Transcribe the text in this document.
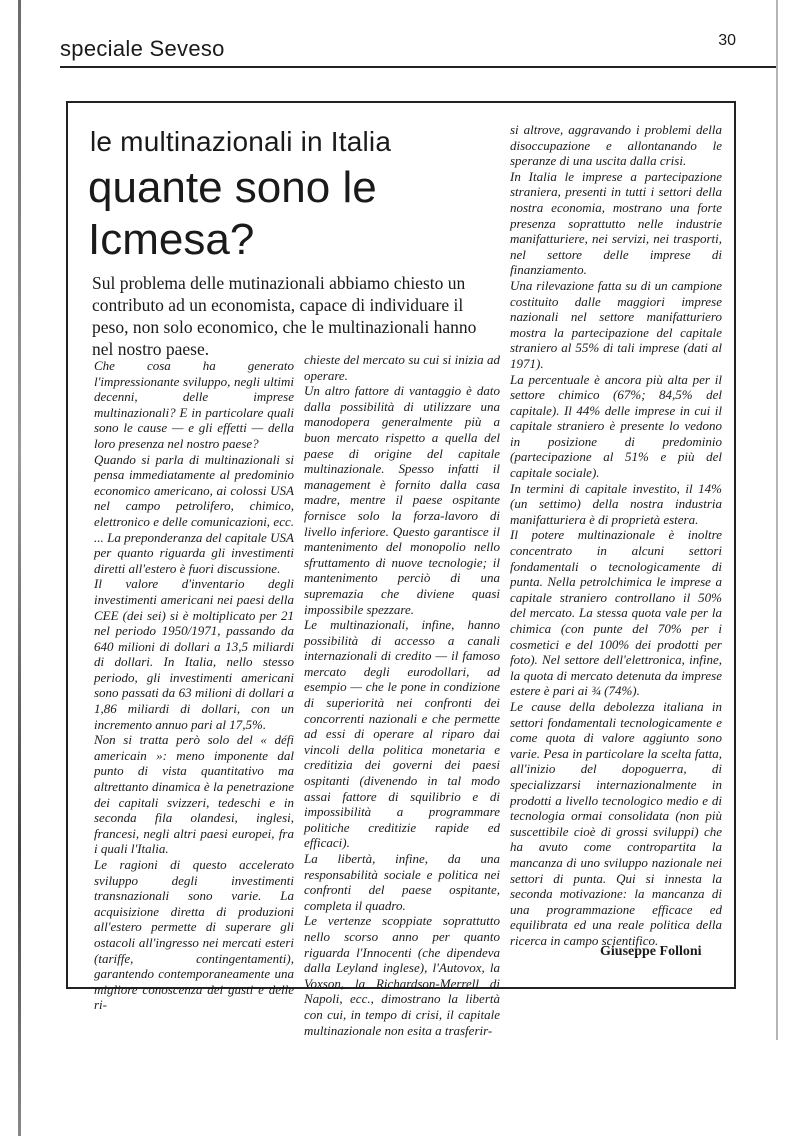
speciale Seveso	30
le multinazionali in Italia
quante sono le Icmesa?
Sul problema delle mutinazionali abbiamo chiesto un contributo ad un economista, capace di individuare il peso, non solo economico, che le multinazionali hanno nel nostro paese.

Che cosa ha generato l'impressionante sviluppo, negli ultimi decenni, delle imprese multinazionali? E in particolare quali sono le cause — e gli effetti — della loro presenza nel nostro paese?

Quando si parla di multinazionali si pensa immediatamente al predominio economico americano, ai colossi USA nel campo petrolifero, chimico, elettronico e delle comunicazioni, ecc. ... La preponderanza del capitale USA per quanto riguarda gli investimenti diretti all'estero è fuori discussione.

Il valore d'inventario degli investimenti americani nei paesi della CEE (dei sei) si è moltiplicato per 21 nel periodo 1950/1971, passando da 640 milioni di dollari a 13,5 miliardi di dollari. In Italia, nello stesso periodo, gli investimenti americani sono passati da 63 milioni di dollari a 1,86 miliardi di dollari, con un incremento annuo pari al 17,5%.

Non si tratta però solo del « défi americain »: meno imponente dal punto di vista quantitativo ma altrettanto dinamica è la penetrazione dei capitali svizzeri, tedeschi e in seconda fila olandesi, inglesi, francesi, negli altri paesi europei, fra i quali l'Italia.

Le ragioni di questo accelerato sviluppo degli investimenti transnazionali sono varie. La acquisizione diretta di produzioni all'estero permette di superare gli ostacoli all'ingresso nei mercati esteri (tariffe, contingentamenti), garantendo contemporaneamente una migliore conoscenza dei gusti e delle ri-

chieste del mercato su cui si inizia ad operare.

Un altro fattore di vantaggio è dato dalla possibilità di utilizzare una manodopera generalmente più a buon mercato rispetto a quella del paese di origine del capitale multinazionale. Spesso infatti il management è fornito dalla casa madre, mentre il paese ospitante fornisce solo la forza-lavoro di livello inferiore. Questo garantisce il mantenimento del monopolio nello sfruttamento di nuove tecnologie; il mantenimento perciò di una supremazia che diviene quasi impossibile spezzare.

Le multinazionali, infine, hanno possibilità di accesso a canali internazionali di credito — il famoso mercato degli eurodollari, ad esempio — che le pone in condizione di superiorità nei confronti dei concorrenti nazionali e che permette ad essi di operare al riparo dai vincoli della politica monetaria e creditizia dei governi dei paesi ospitanti (divenendo in tal modo assai fattore di squilibrio e di impossibilità a programmare politiche creditizie rapide ed efficaci).

La libertà, infine, da una responsabilità sociale e politica nei confronti del paese ospitante, completa il quadro.

Le vertenze scoppiate soprattutto nello scorso anno per quanto riguarda l'Innocenti (che dipendeva dalla Leyland inglese), l'Autovox, la Voxson, la Richardson-Merrell di Napoli, ecc., dimostrano la libertà con cui, in tempo di crisi, il capitale multinazionale non esita a trasferir-

si altrove, aggravando i problemi della disoccupazione e allontanando le speranze di una uscita dalla crisi.

In Italia le imprese a partecipazione straniera, presenti in tutti i settori della nostra economia, mostrano una forte presenza soprattutto nelle industrie manifatturiere, nei servizi, nei trasporti, nel settore delle imprese di finanziamento.

Una rilevazione fatta su di un campione costituito dalle maggiori imprese nazionali nel settore manifatturiero mostra la partecipazione del capitale straniero al 55% di tali imprese (dati al 1971).

La percentuale è ancora più alta per il settore chimico (67%; 84,5% del capitale). Il 44% delle imprese in cui il capitale straniero è presente lo vedono in posizione di predominio (partecipazione al 51% e più del capitale sociale).

In termini di capitale investito, il 14% (un settimo) della nostra industria manifatturiera è di proprietà estera.

Il potere multinazionale è inoltre concentrato in alcuni settori fondamentali o tecnologicamente di punta. Nella petrolchimica le imprese a capitale straniero controllano il 50% del mercato. La stessa quota vale per la chimica (con punte del 70% per i cosmetici e del 100% dei prodotti per foto). Nel settore dell'elettronica, infine, la quota di mercato detenuta da imprese estere è pari ai ¾ (74%).

Le cause della debolezza italiana in settori fondamentali tecnologicamente e come quota di valore aggiunto sono varie. Pesa in particolare la scelta fatta, all'inizio del dopoguerra, di specializzarsi internazionalmente in prodotti a livello tecnologico medio e di tecnologia ormai consolidata (non più suscettibile cioè di grossi sviluppi) che ha avuto come contropartita la mancanza di uno sviluppo nazionale nei settori di punta. Qui si innesta la seconda motivazione: la mancanza di una programmazione efficace ed equilibrata ed una reale politica della ricerca in campo scientifico.

Giuseppe Folloni
